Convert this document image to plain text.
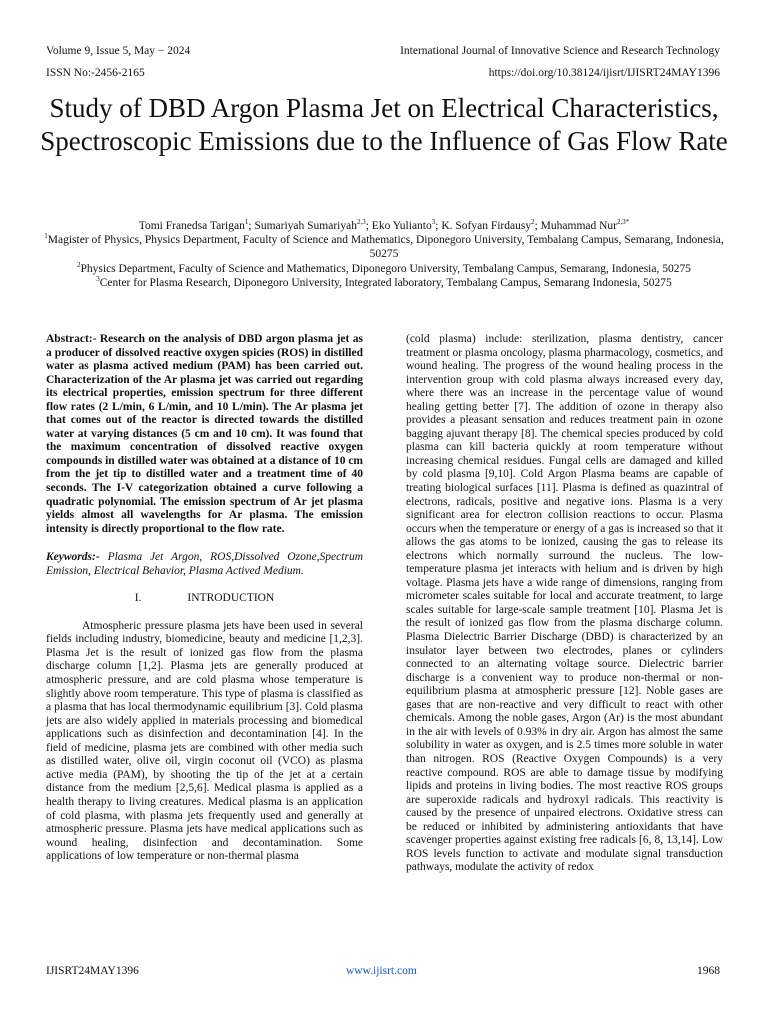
Volume 9, Issue 5, May − 2024	International Journal of Innovative Science and Research Technology
ISSN No:-2456-2165	https://doi.org/10.38124/ijisrt/IJISRT24MAY1396
Study of DBD Argon Plasma Jet on Electrical Characteristics, Spectroscopic Emissions due to the Influence of Gas Flow Rate
Tomi Franedsa Tarigan$^1$; Sumariyah Sumariyah$^{2,3}$; Eko Yulianto$^3$; K. Sofyan Firdausy$^2$; Muhammad Nur$^{2,3*}$

$^1$Magister of Physics, Physics Department, Faculty of Science and Mathematics, Diponegoro University, Tembalang Campus, Semarang, Indonesia, 50275

$^2$Physics Department, Faculty of Science and Mathematics, Diponegoro University, Tembalang Campus, Semarang, Indonesia, 50275

$^3$Center for Plasma Research, Diponegoro University, Integrated laboratory, Tembalang Campus, Semarang Indonesia, 50275

Abstract:- Research on the analysis of DBD argon plasma jet as a producer of dissolved reactive oxygen spicies (ROS) in distilled water as plasma actived medium (PAM) has been carried out. Characterization of the Ar plasma jet was carried out regarding its electrical properties, emission spectrum for three different flow rates (2 L/min, 6 L/min, and 10 L/min). The Ar plasma jet that comes out of the reactor is directed towards the distilled water at varying distances (5 cm and 10 cm). It was found that the maximum concentration of dissolved reactive oxygen compounds in distilled water was obtained at a distance of 10 cm from the jet tip to distilled water and a treatment time of 40 seconds. The I-V categorization obtained a curve following a quadratic polynomial. The emission spectrum of Ar jet plasma yields almost all wavelengths for Ar plasma. The emission intensity is directly proportional to the flow rate.

Keywords:- Plasma Jet Argon, ROS,Dissolved Ozone,Spectrum Emission, Electrical Behavior, Plasma Actived Medium.

I.	INTRODUCTION

Atmospheric pressure plasma jets have been used in several fields including industry, biomedicine, beauty and medicine [1,2,3]. Plasma Jet is the result of ionized gas flow from the plasma discharge column [1,2]. Plasma jets are generally produced at atmospheric pressure, and are cold plasma whose temperature is slightly above room temperature. This type of plasma is classified as a plasma that has local thermodynamic equilibrium [3]. Cold plasma jets are also widely applied in materials processing and biomedical applications such as disinfection and decontamination [4]. In the field of medicine, plasma jets are combined with other media such as distilled water, olive oil, virgin coconut oil (VCO) as plasma active media (PAM), by shooting the tip of the jet at a certain distance from the medium [2,5,6]. Medical plasma is applied as a health therapy to living creatures. Medical plasma is an application of cold plasma, with plasma jets frequently used and generally at atmospheric pressure. Plasma jets have medical applications such as wound healing, disinfection and decontamination. Some applications of low temperature or non-thermal plasma

(cold plasma) include: sterilization, plasma dentistry, cancer treatment or plasma oncology, plasma pharmacology, cosmetics, and wound healing. The progress of the wound healing process in the intervention group with cold plasma always increased every day, where there was an increase in the percentage value of wound healing getting better [7]. The addition of ozone in therapy also provides a pleasant sensation and reduces treatment pain in ozone bagging ajuvant therapy [8]. The chemical species produced by cold plasma can kill bacteria quickly at room temperature without increasing chemical residues. Fungal cells are damaged and killed by cold plasma [9,10]. Cold Argon Plasma beams are capable of treating biological surfaces [11]. Plasma is defined as quazintral of electrons, radicals, positive and negative ions. Plasma is a very significant area for electron collision reactions to occur. Plasma occurs when the temperature or energy of a gas is increased so that it allows the gas atoms to be ionized, causing the gas to release its electrons which normally surround the nucleus. The low-temperature plasma jet interacts with helium and is driven by high voltage. Plasma jets have a wide range of dimensions, ranging from micrometer scales suitable for local and accurate treatment, to large scales suitable for large-scale sample treatment [10]. Plasma Jet is the result of ionized gas flow from the plasma discharge column. Plasma Dielectric Barrier Discharge (DBD) is characterized by an insulator layer between two electrodes, planes or cylinders connected to an alternating voltage source. Dielectric barrier discharge is a convenient way to produce non-thermal or non-equilibrium plasma at atmospheric pressure [12]. Noble gases are gases that are non-reactive and very difficult to react with other chemicals. Among the noble gases, Argon (Ar) is the most abundant in the air with levels of 0.93% in dry air. Argon has almost the same solubility in water as oxygen, and is 2.5 times more soluble in water than nitrogen. ROS (Reactive Oxygen Compounds) is a very reactive compound. ROS are able to damage tissue by modifying lipids and proteins in living bodies. The most reactive ROS groups are superoxide radicals and hydroxyl radicals. This reactivity is caused by the presence of unpaired electrons. Oxidative stress can be reduced or inhibited by administering antioxidants that have scavenger properties against existing free radicals [6, 8, 13,14]. Low ROS levels function to activate and modulate signal transduction pathways, modulate the activity of redox

IJISRT24MAY1396	www.ijisrt.com	1968
